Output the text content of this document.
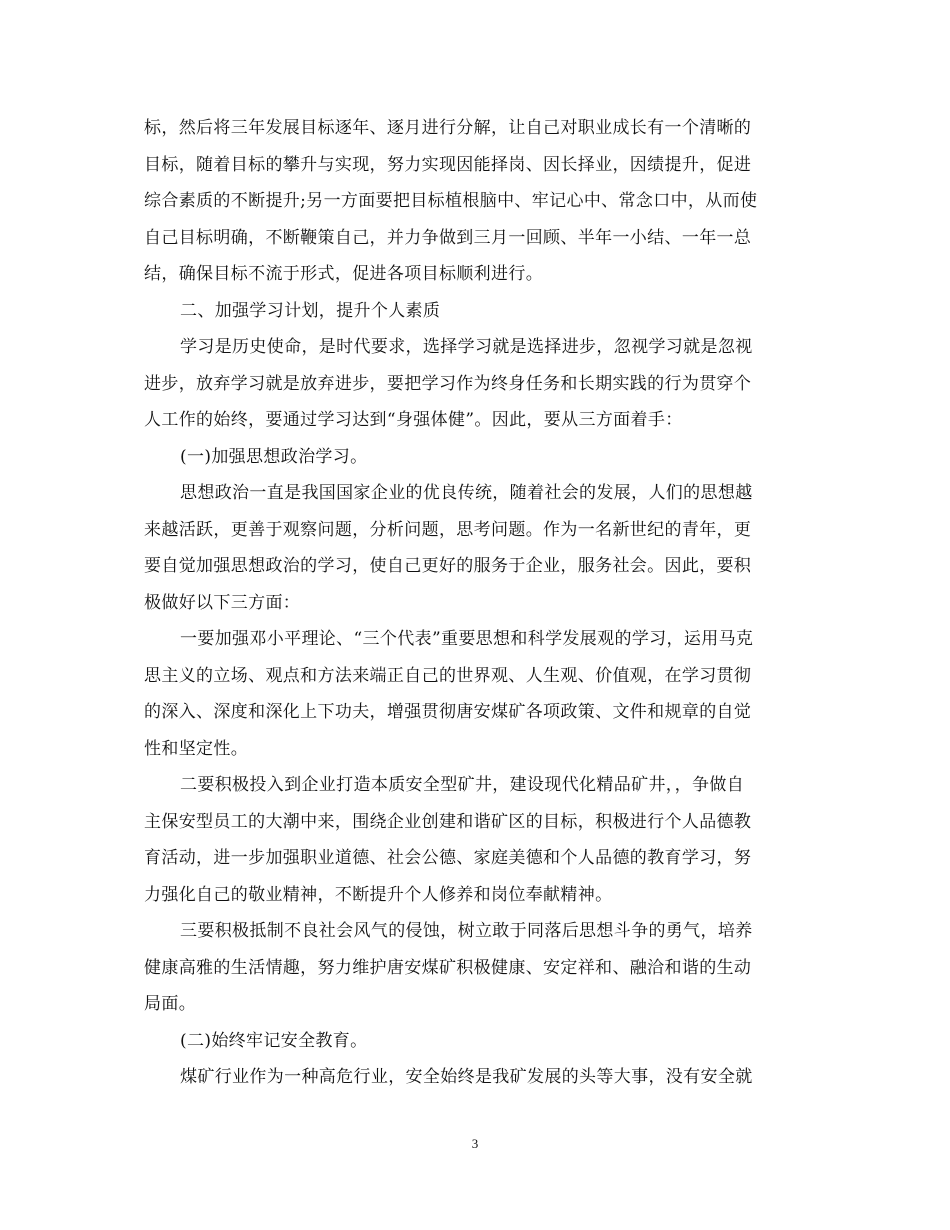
标，然后将三年发展目标逐年、逐月进行分解，让自己对职业成长有一个清晰的
目标，随着目标的攀升与实现，努力实现因能择岗、因长择业，因绩提升，促进
综合素质的不断提升;另一方面要把目标植根脑中、牢记心中、常念口中，从而使
自己目标明确，不断鞭策自己，并力争做到三月一回顾、半年一小结、一年一总
结，确保目标不流于形式，促进各项目标顺利进行。
二、加强学习计划，提升个人素质
学习是历史使命，是时代要求，选择学习就是选择进步，忽视学习就是忽视
进步，放弃学习就是放弃进步，要把学习作为终身任务和长期实践的行为贯穿个
人工作的始终，要通过学习达到“身强体健”。因此，要从三方面着手：
(一)加强思想政治学习。
思想政治一直是我国国家企业的优良传统，随着社会的发展，人们的思想越
来越活跃，更善于观察问题，分析问题，思考问题。作为一名新世纪的青年，更
要自觉加强思想政治的学习，使自己更好的服务于企业，服务社会。因此，要积
极做好以下三方面：
一要加强邓小平理论、“三个代表”重要思想和科学发展观的学习，运用马克
思主义的立场、观点和方法来端正自己的世界观、人生观、价值观，在学习贯彻
的深入、深度和深化上下功夫，增强贯彻唐安煤矿各项政策、文件和规章的自觉
性和坚定性。
二要积极投入到企业打造本质安全型矿井，建设现代化精品矿井，，争做自
主保安型员工的大潮中来，围绕企业创建和谐矿区的目标，积极进行个人品德教
育活动，进一步加强职业道德、社会公德、家庭美德和个人品德的教育学习，努
力强化自己的敬业精神，不断提升个人修养和岗位奉献精神。
三要积极抵制不良社会风气的侵蚀，树立敢于同落后思想斗争的勇气，培养
健康高雅的生活情趣，努力维护唐安煤矿积极健康、安定祥和、融洽和谐的生动
局面。
(二)始终牢记安全教育。
煤矿行业作为一种高危行业，安全始终是我矿发展的头等大事，没有安全就
3
